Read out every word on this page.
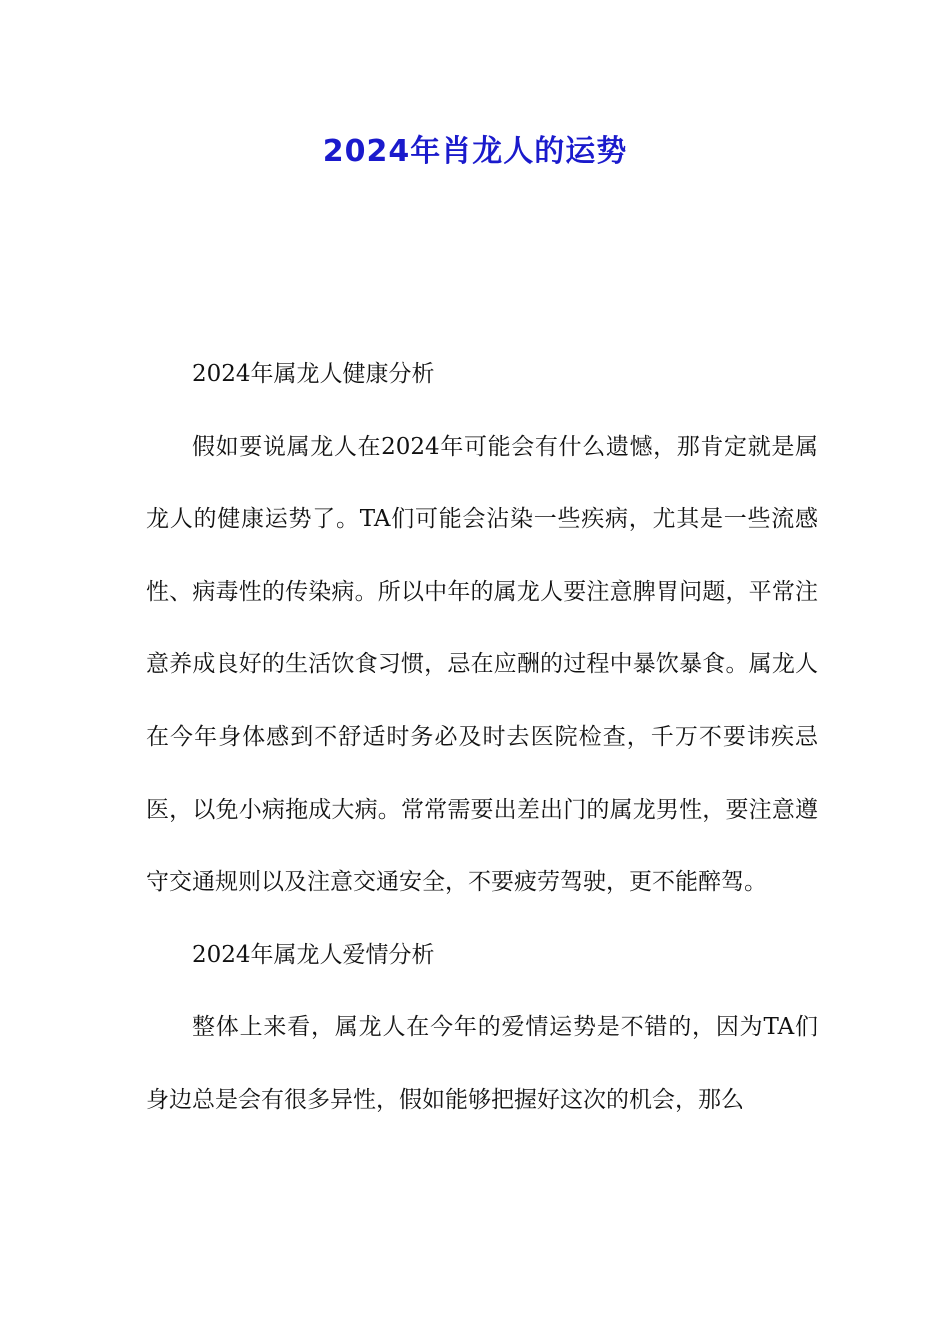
2024年肖龙人的运势

2024年属龙人健康分析

假如要说属龙人在2024年可能会有什么遗憾，那肯定就是属龙人的健康运势了。TA们可能会沾染一些疾病，尤其是一些流感性、病毒性的传染病。所以中年的属龙人要注意脾胃问题，平常注意养成良好的生活饮食习惯，忌在应酬的过程中暴饮暴食。属龙人在今年身体感到不舒适时务必及时去医院检查，千万不要讳疾忌医，以免小病拖成大病。常常需要出差出门的属龙男性，要注意遵守交通规则以及注意交通安全，不要疲劳驾驶，更不能醉驾。

2024年属龙人爱情分析

整体上来看，属龙人在今年的爱情运势是不错的，因为TA们身边总是会有很多异性，假如能够把握好这次的机会，那么
